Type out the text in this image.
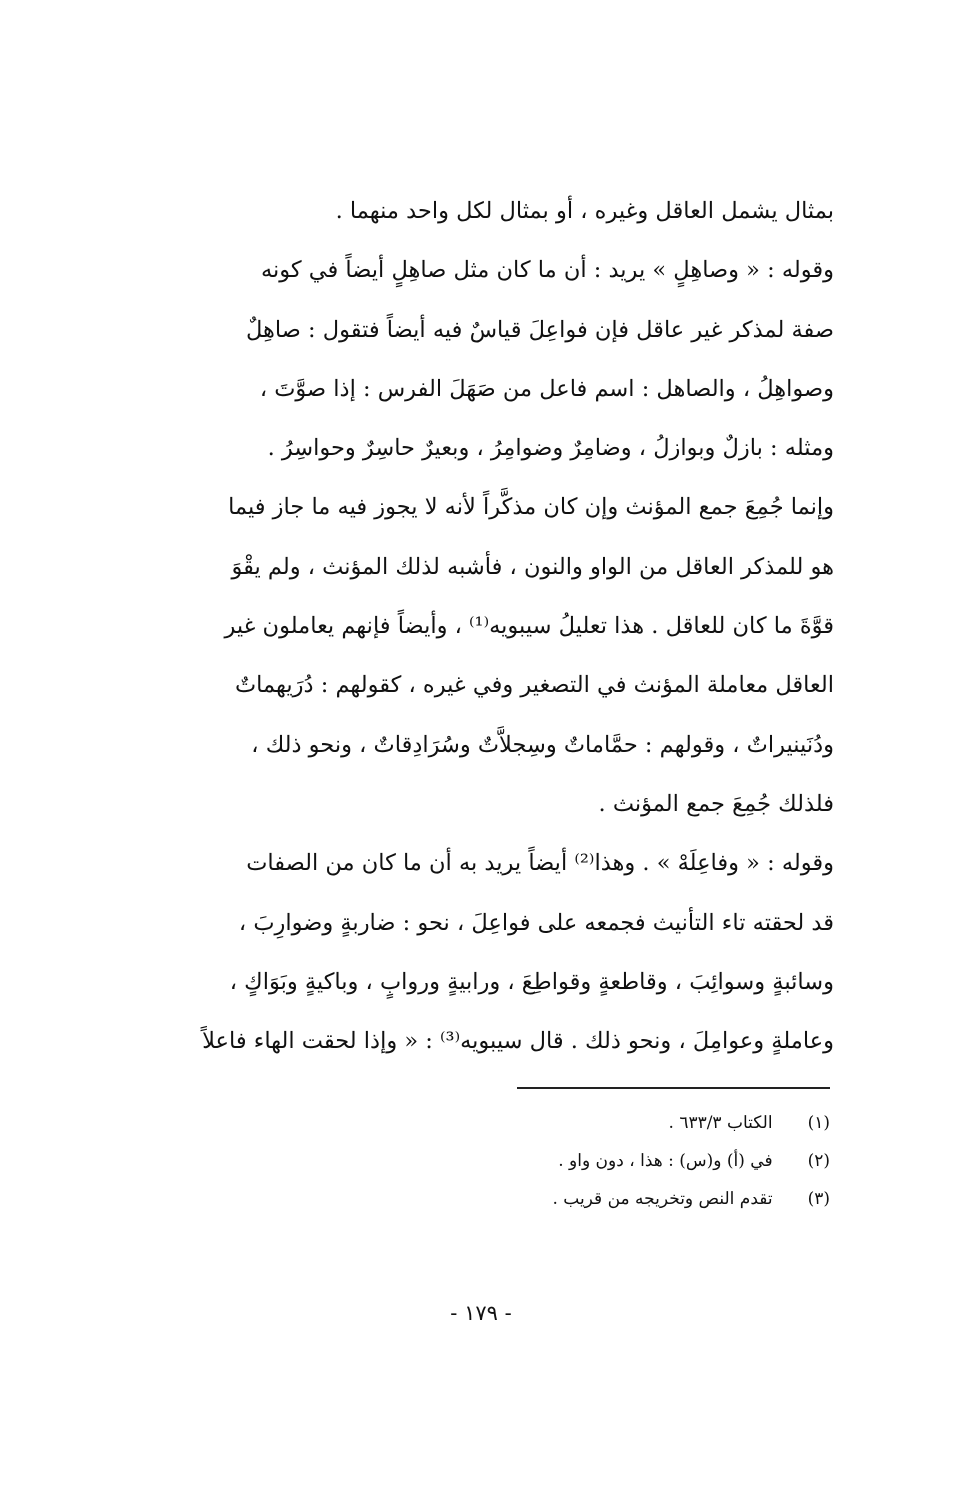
بمثال يشمل العاقل وغيره ، أو بمثال لكل واحد منهما .
وقوله : « وصاهِلٍ » يريد : أن ما كان مثل صاهِلٍ أيضاً في كونه
صفة لمذكر غير عاقل فإن فواعِلَ قياسٌ فيه أيضاً فتقول : صاهِلٌ
وصواهِلُ ، والصاهل : اسم فاعل من صَهَلَ الفرس : إذا صوَّتَ ،
ومثله : بازلٌ وبوازلُ ، وضامِرٌ وضوامِرُ ، وبعيرٌ حاسِرٌ وحواسِرُ .
وإنما جُمِعَ جمع المؤنث وإن كان مذكَّراً لأنه لا يجوز فيه ما جاز فيما
هو للمذكر العاقل من الواو والنون ، فأشبه لذلك المؤنث ، ولم يقْوَ
قوَّةَ ما كان للعاقل . هذا تعليلُ سيبويه⁽¹⁾ ، وأيضاً فإنهم يعاملون غير
العاقل معاملة المؤنث في التصغير وفي غيره ، كقولهم : دُرَيهماتٌ
ودُنَينيراتٌ ، وقولهم : حمَّاماتٌ وسِجلاَّتٌ وسُرَادِقاتٌ ، ونحو ذلك ،
فلذلك جُمِعَ جمع المؤنث .
وقوله : « وفاعِلَهْ » . وهذا⁽²⁾ أيضاً يريد به أن ما كان من الصفات
قد لحقته تاء التأنيث فجمعه على فواعِلَ ، نحو : ضاربةٍ وضوارِبَ ،
وسائبةٍ وسوائِبَ ، وقاطعةٍ وقواطِعَ ، ورابيةٍ وروابٍ ، وباكيةٍ وبَوَاكٍ ،
وعاملةٍ وعوامِلَ ، ونحو ذلك . قال سيبويه⁽³⁾ : « وإذا لحقت الهاء فاعلاً
(١) الكتاب ٦٣٣/٣ .
(٢) في (أ) و(س) : هذا ، دون واو .
(٣) تقدم النص وتخريجه من قريب .
- ١٧٩ -
